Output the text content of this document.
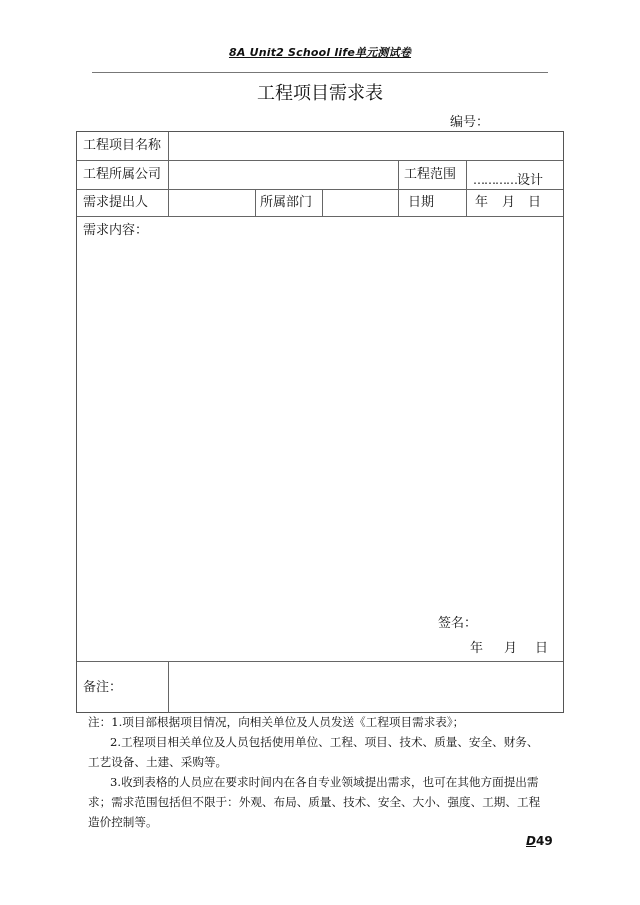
8A Unit2 School life单元测试卷
工程项目需求表
编号：
工程项目名称
工程所属公司	工程范围 …………设计
需求提出人	所属部门	日期	年 月 日
需求内容：
签名：
年 月 日
备注：

注：1.项目部根据项目情况，向相关单位及人员发送《工程项目需求表》；

2.工程项目相关单位及人员包括使用单位、工程、项目、技术、质量、安全、财务、工艺设备、土建、采购等。

3.收到表格的人员应在要求时间内在各自专业领域提出需求，也可在其他方面提出需求；需求范围包括但不限于：外观、布局、质量、技术、安全、大小、强度、工期、工程造价控制等。

D49
